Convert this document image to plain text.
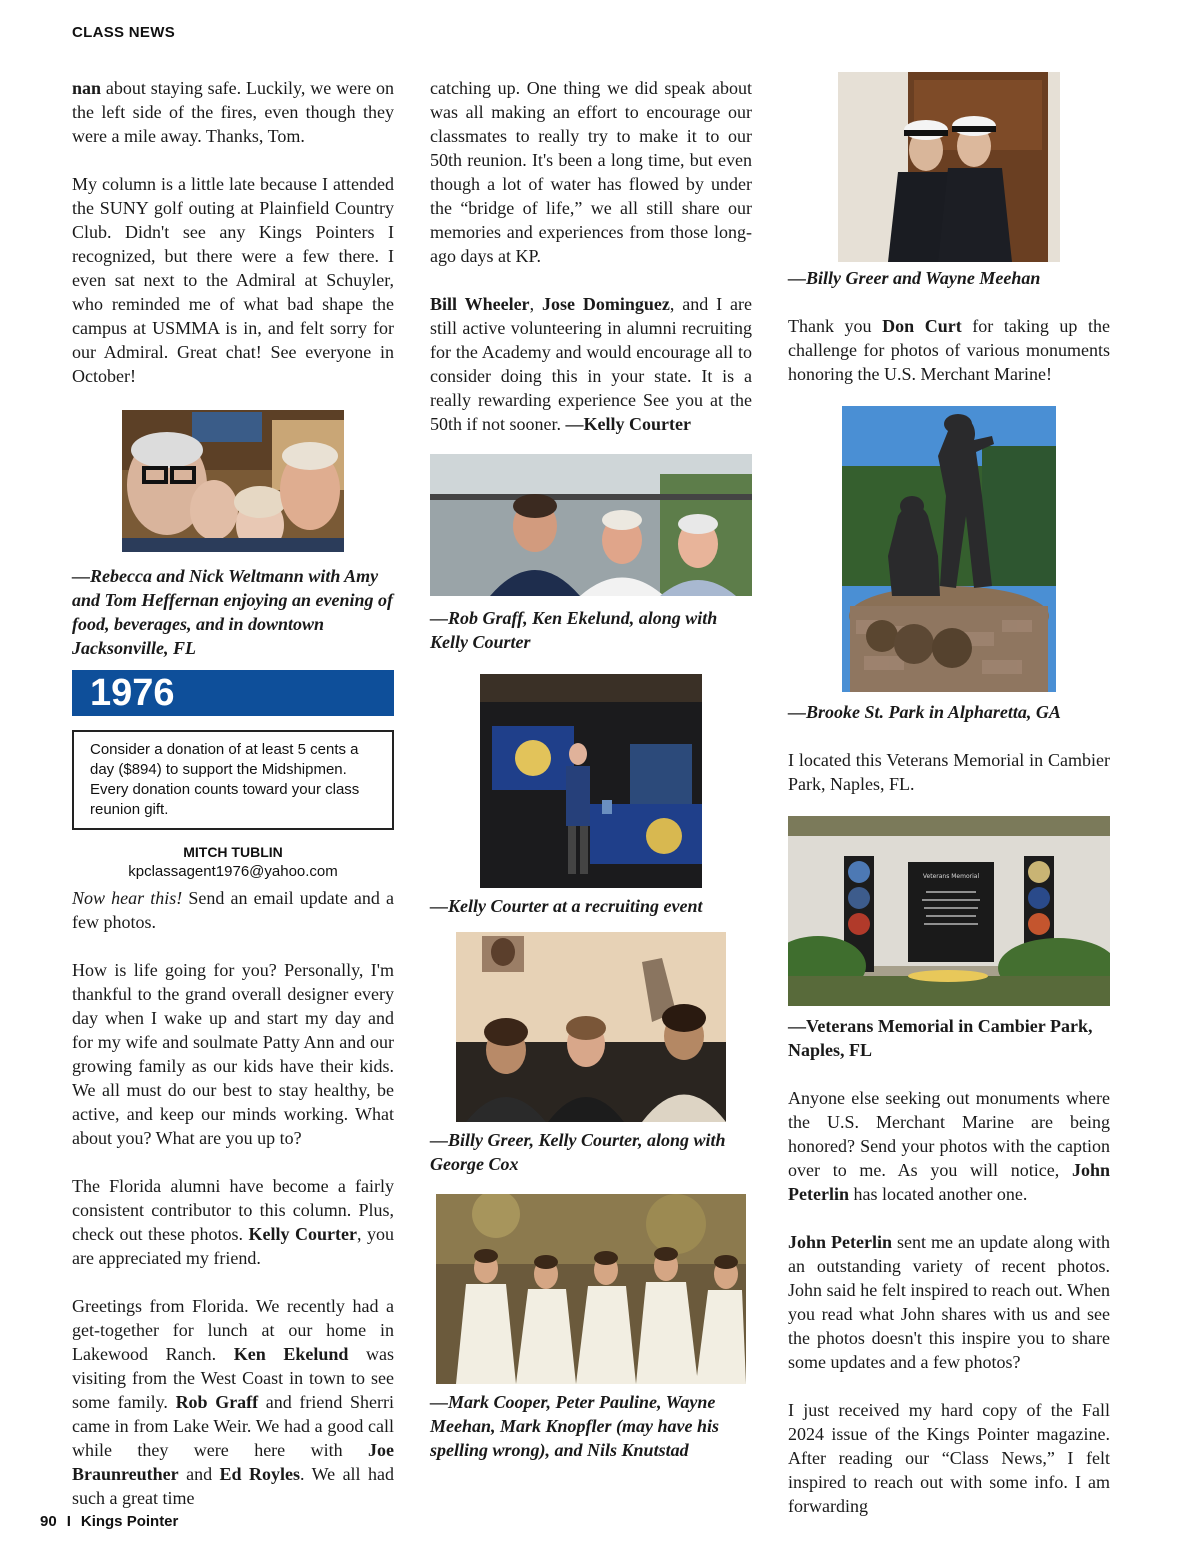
CLASS NEWS

nan about staying safe. Luckily, we were on the left side of the fires, even though they were a mile away. Thanks, Tom.

My column is a little late because I attended the SUNY golf outing at Plainfield Country Club. Didn't see any Kings Pointers I recognized, but there were a few there. I even sat next to the Admiral at Schuyler, who reminded me of what bad shape the campus at USMMA is in, and felt sorry for our Admiral. Great chat! See everyone in October!

—Rebecca and Nick Weltmann with Amy and Tom Heffernan enjoying an evening of food, beverages, and in downtown Jacksonville, FL

1976
Consider a donation of at least 5 cents a day ($894) to support the Midshipmen. Every donation counts toward your class reunion gift.
MITCH TUBLIN
kpclassagent1976@yahoo.com

Now hear this! Send an email update and a few photos.

How is life going for you? Personally, I'm thankful to the grand overall designer every day when I wake up and start my day and for my wife and soulmate Patty Ann and our growing family as our kids have their kids. We all must do our best to stay healthy, be active, and keep our minds working. What about you? What are you up to?

The Florida alumni have become a fairly consistent contributor to this column. Plus, check out these photos. Kelly Courter, you are appreciated my friend.

Greetings from Florida. We recently had a get-together for lunch at our home in Lakewood Ranch. Ken Ekelund was visiting from the West Coast in town to see some family. Rob Graff and friend Sherri came in from Lake Weir. We had a good call while they were here with Joe Braunreuther and Ed Royles. We all had such a great time

catching up. One thing we did speak about was all making an effort to encourage our classmates to really try to make it to our 50th reunion. It's been a long time, but even though a lot of water has flowed by under the “bridge of life,” we all still share our memories and experiences from those long-ago days at KP.

Bill Wheeler, Jose Dominguez, and I are still active volunteering in alumni recruiting for the Academy and would encourage all to consider doing this in your state. It is a really rewarding experience See you at the 50th if not sooner. —Kelly Courter

—Rob Graff, Ken Ekelund, along with Kelly Courter

—Kelly Courter at a recruiting event

—Billy Greer, Kelly Courter, along with George Cox

—Mark Cooper, Peter Pauline, Wayne Meehan, Mark Knopfler (may have his spelling wrong), and Nils Knutstad

—Billy Greer and Wayne Meehan

Thank you Don Curt for taking up the challenge for photos of various monuments honoring the U.S. Merchant Marine!

—Brooke St. Park in Alpharetta, GA

I located this Veterans Memorial in Cambier Park, Naples, FL.

Veterans Memorial

—Veterans Memorial in Cambier Park, Naples, FL

Anyone else seeking out monuments where the U.S. Merchant Marine are being honored? Send your photos with the caption over to me. As you will notice, John Peterlin has located another one.

John Peterlin sent me an update along with an outstanding variety of recent photos. John said he felt inspired to reach out. When you read what John shares with us and see the photos doesn't this inspire you to share some updates and a few photos?

I just received my hard copy of the Fall 2024 issue of the Kings Pointer magazine. After reading our “Class News,” I felt inspired to reach out with some info. I am forwarding

90 I Kings Pointer
